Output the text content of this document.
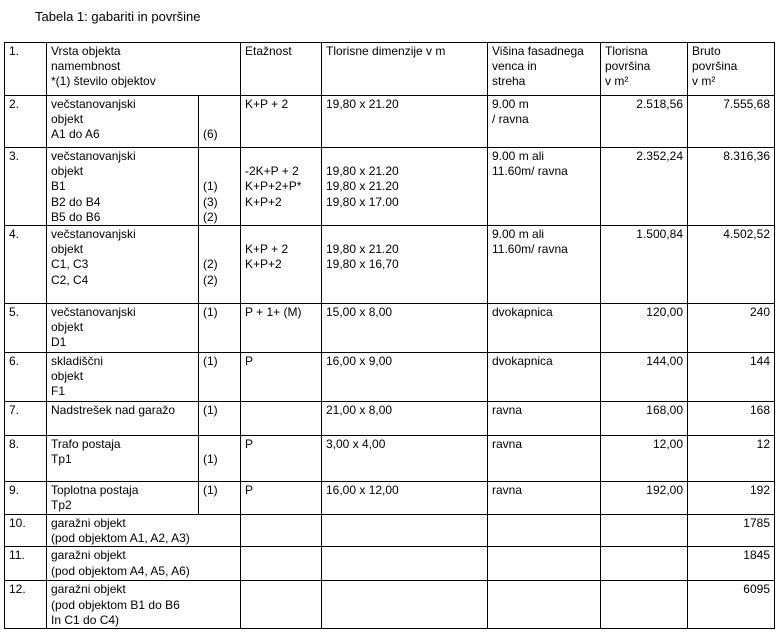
Tabela 1: gabariti in površine
1.	Vrsta objekta
namembnost
*(1) število objektov		Etažnost	Tlorisne dimenzije v m	Višina fasadnega
venca in
streha	Tlorisna
površina
v m²	Bruto
površina
v m²

2.	večstanovanjski
objekt
A1 do A6	(6)	K+P + 2	19,80 x 21.20	9.00 m
/ ravna	2.518,56	7.555,68
3.	večstanovanjski
objekt
B1
B2 do B4
B5 do B6	(1)
(3)
(2)	-2K+P + 2
K+P+2+P*
K+P+2	19,80 x 21.20
19,80 x 21.20
19,80 x 17.00	9.00 m ali
11.60m/ ravna	2.352,24	8.316,36
4.	večstanovanjski
objekt
C1, C3
C2, C4	(2)
(2)	K+P + 2
K+P+2	19,80 x 21.20
19,80 x 16,70	9.00 m ali
11.60m/ ravna	1.500,84	4.502,52
5.	večstanovanjski
objekt
D1	(1)	P + 1+ (M)	15,00 x 8,00	dvokapnica	120,00	240
6.	skladiščni
objekt
F1	(1)	P	16,00 x 9,00	dvokapnica	144,00	144
7.	Nadstrešek nad garažo	(1)		21,00 x 8,00	ravna	168,00	168
8.	Trafo postaja
Tp1	(1)	P	3,00 x 4,00	ravna	12,00	12
9.	Toplotna postaja
Tp2	(1)	P	16,00 x 12,00	ravna	192,00	192
10.	garažni objekt
(pod objektom A1, A2, A3)						1785
11.	garažni objekt
(pod objektom A4, A5, A6)						1845
12.	garažni objekt
(pod objektom B1 do B6
In C1 do C4)						6095
